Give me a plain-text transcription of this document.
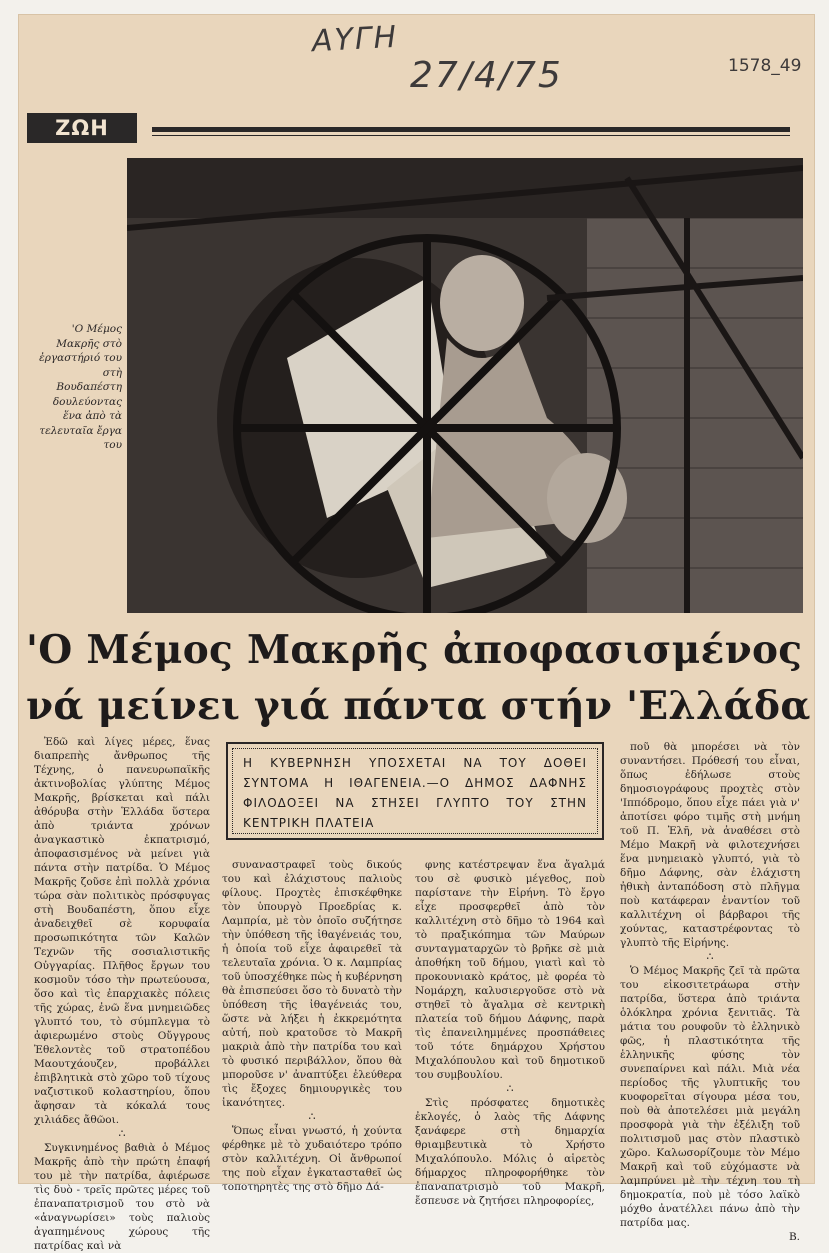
ΑΥΓΗ
27/4/75	1578_49
ΖΩΗ
'Ο Μέμος Μακρῆς στὸ ἐργαστήριό του στὴ Βουδαπέστη δουλεύοντας ἕνα ἀπὸ τὰ τελευταῖα ἔργα του
'Ο Μέμος Μακρῆς ἀποφασισμένος
νά μείνει γιά πάντα στήν 'Ελλάδα
Η ΚΥΒΕΡΝΗΣΗ ΥΠΟΣΧΕΤΑΙ ΝΑ ΤΟΥ ΔΟΘΕΙ ΣΥΝΤΟΜΑ Η ΙΘΑΓΕΝΕΙΑ.—Ο ΔΗΜΟΣ ΔΑΦΝΗΣ ΦΙΛΟΔΟΞΕΙ ΝΑ ΣΤΗΣΕΙ ΓΛΥΠΤΟ ΤΟΥ ΣΤΗΝ ΚΕΝΤΡΙΚΗ ΠΛΑΤΕΙΑ

Ἐδῶ καὶ λίγες μέρες, ἕνας διαπρεπὴς ἄνθρωπος τῆς Τέχνης, ὁ πανευρωπαϊκῆς ἀκτινοβολίας γλύπτης Μέμος Μακρῆς, βρίσκεται καὶ πάλι ἀθόρυβα στὴν Ἑλλάδα ὕστερα ἀπὸ τριάντα χρόνων ἀναγκαστικὸ ἐκπατρισμό, ἀποφασισμένος νὰ μείνει γιὰ πάντα στὴν πατρίδα. Ὁ Μέμος Μακρῆς ζοῦσε ἐπὶ πολλὰ χρόνια τώρα σὰν πολιτικὸς πρόσφυγας στὴ Βουδαπέστη, ὅπου εἶχε ἀναδειχθεῖ σὲ κορυφαία προσωπικότητα τῶν Καλῶν Τεχνῶν τῆς σοσιαλιστικῆς Οὐγγαρίας. Πλῆθος ἔργων του κοσμοῦν τόσο τὴν πρωτεύουσα, ὅσο καὶ τὶς ἐπαρχιακὲς πόλεις τῆς χώρας, ἐνῶ ἕνα μνημειῶδες γλυπτό του, τὸ σύμπλεγμα τὸ ἀφιερωμένο στοὺς Οὔγγρους Ἐθελοντὲς τοῦ στρατοπέδου Μαουτχάουζεν, προβάλλει ἐπιβλητικὰ στὸ χῶρο τοῦ τίχους ναζιστικοῦ κολαστηρίου, ὅπου ἄφησαν τὰ κόκαλά τους χιλιάδες ἄθῶοι.

∴

Συγκινημένος βαθιὰ ὁ Μέμος Μακρῆς ἀπὸ τὴν πρώτη ἐπαφή του μὲ τὴν πατρίδα, ἀφιέρωσε τὶς δυὸ - τρεῖς πρῶτες μέρες τοῦ ἐπαναπατρισμοῦ του στὸ νὰ «ἀναγνωρίσει» τοὺς παλιοὺς ἀγαπημένους χώρους τῆς πατρίδας καὶ νὰ

συναναστραφεῖ τοὺς δικούς του καὶ ἐλάχιστους παλιοὺς φίλους. Προχτὲς ἐπισκέφθηκε τὸν ὑπουργὸ Προεδρίας κ. Λαμπρία, μὲ τὸν ὁποῖο συζήτησε τὴν ὑπόθεση τῆς ἰθαγένειάς του, ἡ ὁποία τοῦ εἶχε ἀφαιρεθεῖ τὰ τελευταῖα χρόνια. Ὁ κ. Λαμπρίας τοῦ ὑποσχέθηκε πὼς ἡ κυβέρνηση θὰ ἐπισπεύσει ὅσο τὸ δυνατὸ τὴν ὑπόθεση τῆς ἰθαγένειάς του, ὥστε νὰ λήξει ἡ ἐκκρεμότητα αὐτή, ποὺ κρατοῦσε τὸ Μακρῆ μακριὰ ἀπὸ τὴν πατρίδα του καὶ τὸ φυσικό περιβάλλον, ὅπου θὰ μποροῦσε ν' ἀναπτύξει ἐλεύθερα τὶς ἔξοχες δημιουργικὲς του ἱκανότητες.

∴

Ὅπως εἶναι γνωστό, ἡ χούντα φέρθηκε μὲ τὸ χυδαιότερο τρόπο στὸν καλλιτέχνη. Οἱ ἄνθρωποί της ποὺ εἶχαν ἐγκατασταθεῖ ὡς τοποτηρητὲς της στὸ δῆμο Δά-

φνης κατέστρεψαν ἕνα ἄγαλμά του σὲ φυσικὸ μέγεθος, ποὺ παρίστανε τὴν Εἰρήνη. Τὸ ἔργο εἶχε προσφερθεῖ ἀπὸ τὸν καλλιτέχνη στὸ δῆμο τὸ 1964 καὶ τὸ πραξικόπημα τῶν Μαύρων συνταγματαρχῶν τὸ βρῆκε σὲ μιὰ ἀποθήκη τοῦ δήμου, γιατὶ καὶ τὸ προκουνιακὸ κράτος, μὲ φορέα τὸ Νομάρχη, καλυσιεργοῦσε στὸ νὰ στηθεῖ τὸ ἄγαλμα σὲ κεντρικὴ πλατεία τοῦ δήμου Δάφνης, παρὰ τὶς ἐπανειλημμένες προσπάθειες τοῦ τότε δημάρχου Χρήστου Μιχαλόπουλου καὶ τοῦ δημοτικοῦ του συμβουλίου.

∴

Στὶς πρόσφατες δημοτικὲς ἐκλογές, ὁ λαὸς τῆς Δάφνης ξανάφερε στὴ δημαρχία θριαμβευτικὰ τὸ Χρήστο Μιχαλόπουλο. Μόλις ὁ αἱρετὸς δήμαρχος πληροφορήθηκε τὸν ἐπαναπατρισμὸ τοῦ Μακρῆ, ἔσπευσε νὰ ζητήσει πληροφορίες,

ποῦ θὰ μπορέσει νὰ τὸν συναντήσει. Πρόθεσή του εἶναι, ὅπως ἐδήλωσε στοὺς δημοσιογράφους προχτὲς στὸν 'Ιππόδρομο, ὅπου εἶχε πάει γιὰ ν' ἀποτίσει φόρο τιμῆς στὴ μνήμη τοῦ Π. Ἑλῆ, νὰ ἀναθέσει στὸ Μέμο Μακρῆ νὰ φιλοτεχνήσει ἕνα μνημειακὸ γλυπτό, γιὰ τὸ δῆμο Δάφνης, σὰν ἐλάχιστη ἠθικὴ ἀνταπόδοση στὸ πλῆγμα ποὺ κατάφεραν ἐναντίον τοῦ καλλιτέχνη οἱ βάρβαροι τῆς χούντας, καταστρέφοντας τὸ γλυπτὸ τῆς Εἰρήνης.

∴

Ὁ Μέμος Μακρῆς ζεῖ τὰ πρῶτα του εἰκοσιτετράωρα στὴν πατρίδα, ὕστερα ἀπὸ τριάντα ὁλόκληρα χρόνια ξενιτιᾶς. Τὰ μάτια του ρουφοῦν τὸ ἑλληνικὸ φῶς, ἡ πλαστικότητα τῆς ἑλληνικῆς φύσης τὸν συνεπαίρνει καὶ πάλι. Μιὰ νέα περίοδος τῆς γλυπτικῆς του κυοφορεῖται σίγουρα μέσα του, ποὺ θὰ ἀποτελέσει μιὰ μεγάλη προσφορὰ γιὰ τὴν ἐξέλιξη τοῦ πολιτισμοῦ μας στὸν πλαστικὸ χῶρο. Καλωσορίζουμε τὸν Μέμο Μακρῆ καὶ τοῦ εὐχόμαστε νὰ λαμπρύνει μὲ τὴν τέχνη του τὴ δημοκρατία, ποὺ μὲ τόσο λαϊκὸ μόχθο ἀνατέλλει πάνω ἀπὸ τὴν πατρίδα μας.

Β.
